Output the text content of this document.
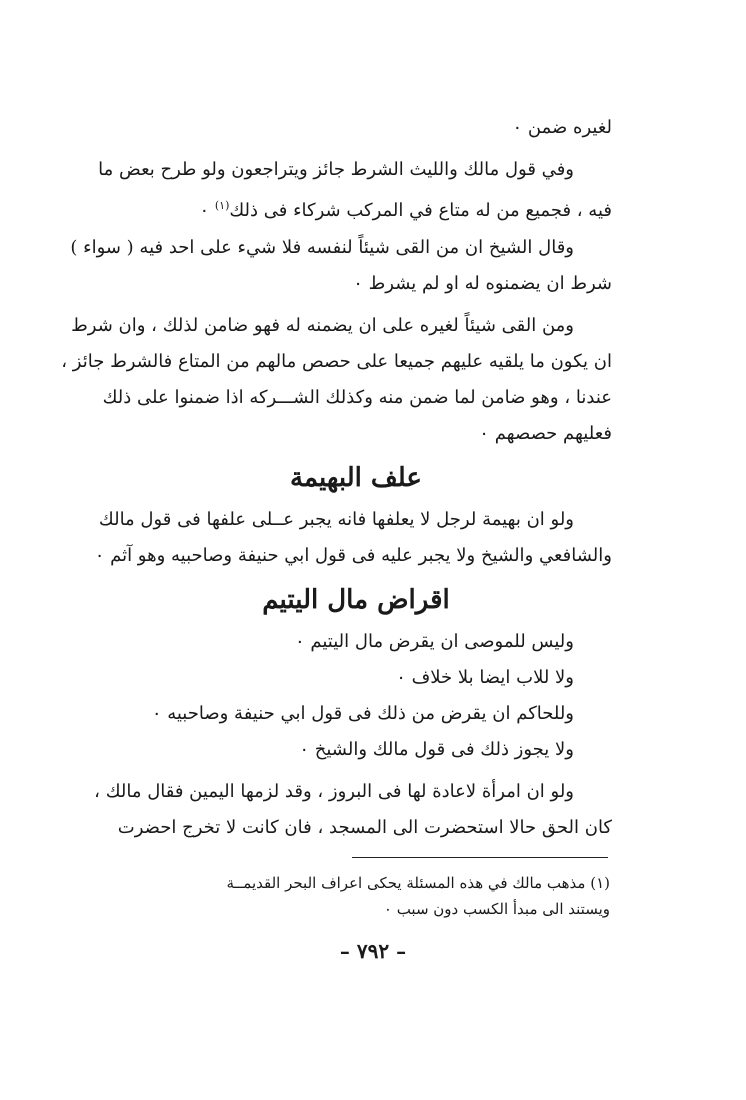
لغيره ضمن ٠
وفي قول مالك والليث الشرط جائز ويتراجعون ولو طرح بعض ما
فيه ، فجميع من له متاع في المركب شركاء فى ذلك$^{(١)}$ ٠
وقال الشيخ ان من القى شيئاً لنفسه فلا شيء على احد فيه ( سواء )
شرط ان يضمنوه له او لم يشرط ٠
ومن القى شيئاً لغيره على ان يضمنه له فهو ضامن لذلك ، وان شرط
ان يكون ما يلقيه عليهم جميعا على حصص مالهم من المتاع فالشرط جائز ،
عندنا ، وهو ضامن لما ضمن منه وكذلك الشـــركه اذا ضمنوا على ذلك
فعليهم حصصهم ٠
علف البهيمة
ولو ان بهيمة لرجل لا يعلفها فانه يجبر عــلى علفها فى قول مالك
والشافعي والشيخ ولا يجبر عليه فى قول ابي حنيفة وصاحبيه وهو آثم ٠
اقراض مال اليتيم
وليس للموصى ان يقرض مال اليتيم ٠
ولا للاب ايضا بلا خلاف ٠
وللحاكم ان يقرض من ذلك فى قول ابي حنيفة وصاحبيه ٠
ولا يجوز ذلك فى قول مالك والشيخ ٠
ولو ان امرأة لاعادة لها فى البروز ، وقد لزمها اليمين فقال مالك ،
كان الحق حالا استحضرت الى المسجد ، فان كانت لا تخرج احضرت
(١) مذهب مالك في هذه المسئلة يحكى اعراف البحر القديمــة
ويستند الى مبدأ الكسب دون سبب ٠
– ٧٩٢ –
